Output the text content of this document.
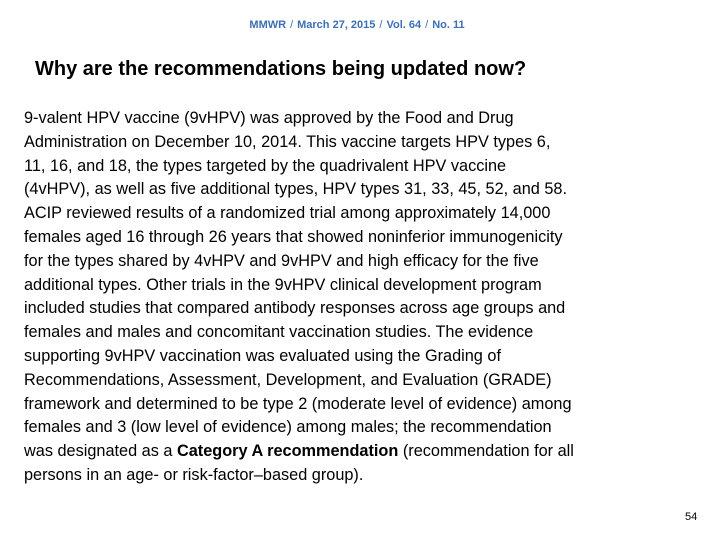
MMWR / March 27, 2015 / Vol. 64 / No. 11
Why are the recommendations being updated now?
9-valent HPV vaccine (9vHPV) was approved by the Food and Drug
Administration on December 10, 2014. This vaccine targets HPV types 6,
11, 16, and 18, the types targeted by the quadrivalent HPV vaccine
(4vHPV), as well as five additional types, HPV types 31, 33, 45, 52, and 58.
ACIP reviewed results of a randomized trial among approximately 14,000
females aged 16 through 26 years that showed noninferior immunogenicity
for the types shared by 4vHPV and 9vHPV and high efficacy for the five
additional types. Other trials in the 9vHPV clinical development program
included studies that compared antibody responses across age groups and
females and males and concomitant vaccination studies. The evidence
supporting 9vHPV vaccination was evaluated using the Grading of
Recommendations, Assessment, Development, and Evaluation (GRADE)
framework and determined to be type 2 (moderate level of evidence) among
females and 3 (low level of evidence) among males; the recommendation
was designated as a Category A recommendation (recommendation for all
persons in an age- or risk-factor–based group).
54
